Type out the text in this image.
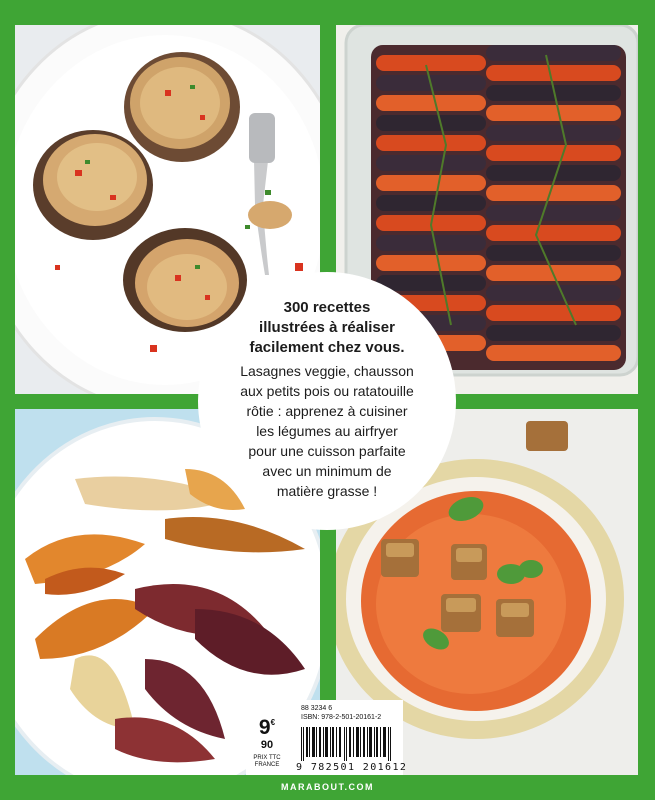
300 recettes
illustrées à réaliser
facilement chez vous.
Lasagnes veggie, chausson
aux petits pois ou ratatouille
rôtie : apprenez à cuisiner
les légumes au airfryer
pour une cuisson parfaite
avec un minimum de
matière grasse !
9€
90
PRIX TTC
FRANCE
88 3234 6
ISBN: 978-2-501-20161-2
9 782501 201612
MARABOUT.COM
